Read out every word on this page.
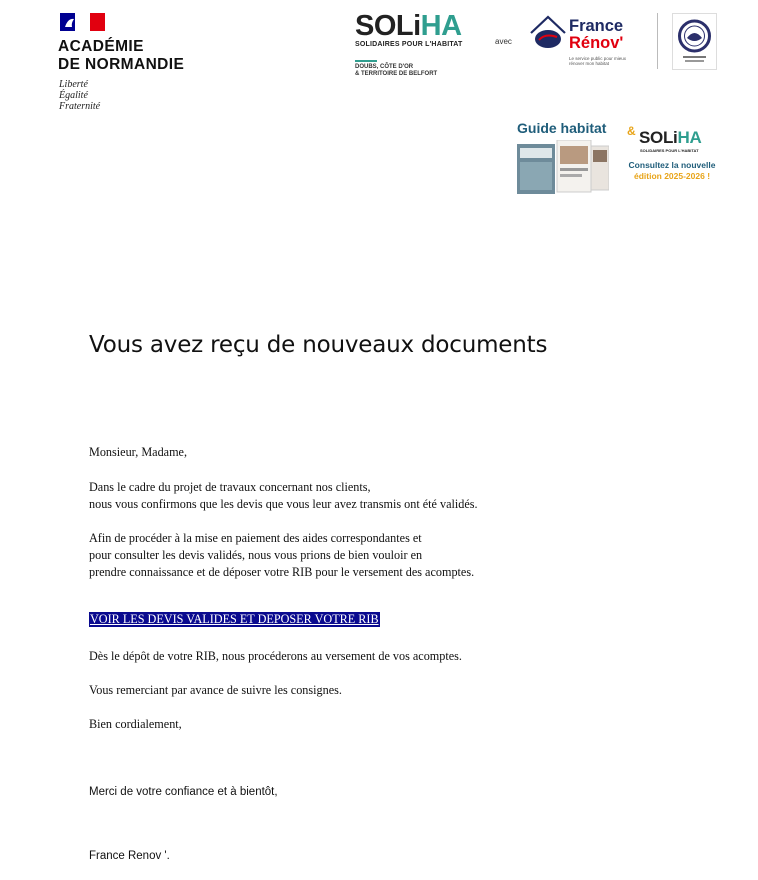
ACADÉMIE
DE NORMANDIE
Liberté
Égalité
Fraternité
SOLiHA
SOLIDAIRES POUR L'HABITAT
DOUBS, CÔTE D'OR
& TERRITOIRE DE BELFORT
avec
France
Rénov'
Le service public pour mieux rénover mon habitat
Guide habitat & SOLiHA
SOLIDAIRES POUR L'HABITAT
Consultez la nouvelle
édition 2025-2026 !
Vous avez reçu de nouveaux documents
Monsieur, Madame,
Dans le cadre du projet de travaux concernant nos clients,
nous vous confirmons que les devis que vous leur avez transmis ont été validés.
Afin de procéder à la mise en paiement des aides correspondantes et
pour consulter les devis validés, nous vous prions de bien vouloir en
prendre connaissance et de déposer votre RIB pour le versement des acomptes.
VOIR LES DEVIS VALIDES ET DEPOSER VOTRE RIB
Dès le dépôt de votre RIB, nous procéderons au versement de vos acomptes.
Vous remerciant par avance de suivre les consignes.
Bien cordialement,
Merci de votre confiance et à bientôt,
France Renov '.
